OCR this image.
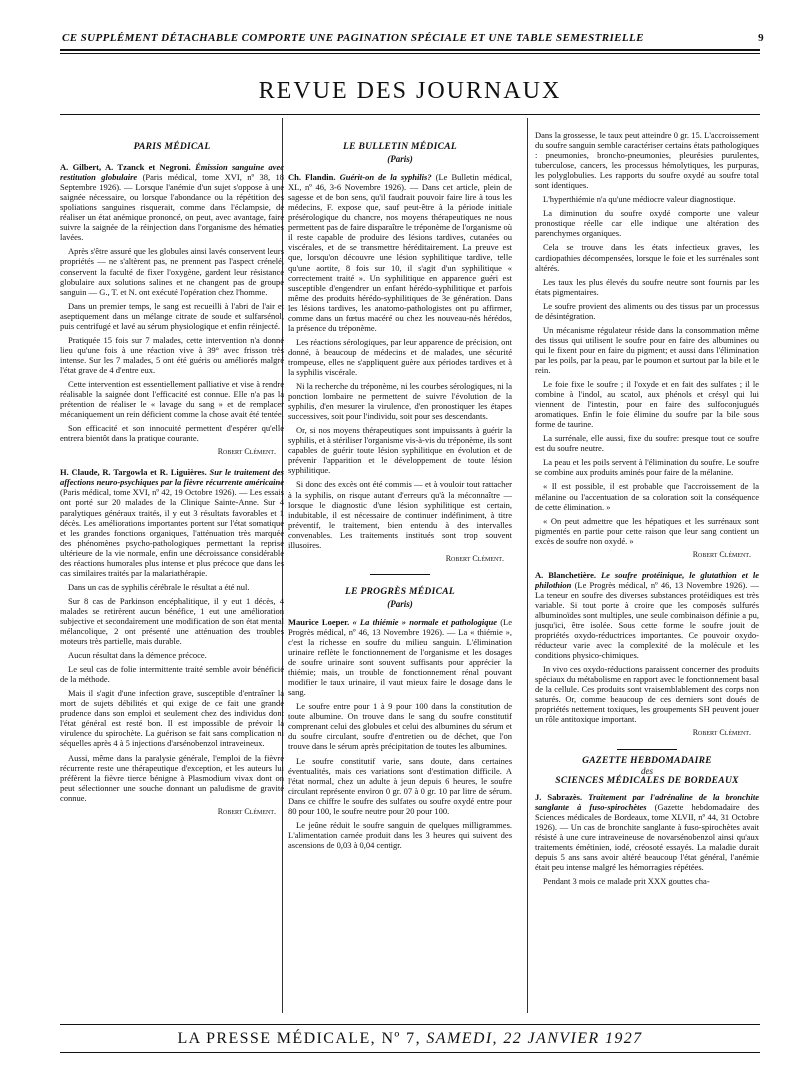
CE SUPPLÉMENT DÉTACHABLE COMPORTE UNE PAGINATION SPÉCIALE ET UNE TABLE SEMESTRIELLE	9
REVUE DES JOURNAUX
PARIS MÉDICAL

A. Gilbert, A. Tzanck et Negroni. Émission sanguine avec restitution globulaire (Paris médical, tome XVI, nº 38, 18 Septembre 1926). — Lorsque l'anémie d'un sujet s'oppose à une saignée nécessaire, ou lorsque l'abondance ou la répétition des spoliations sanguines risquerait, comme dans l'éclampsie, de réaliser un état anémique prononcé, on peut, avec avantage, faire suivre la saignée de la réinjection dans l'organisme des hématies lavées.

Après s'être assuré que les globules ainsi lavés conservent leurs propriétés — ne s'altèrent pas, ne prennent pas l'aspect crénelé, conservent la faculté de fixer l'oxygène, gardent leur résistance globulaire aux solutions salines et ne changent pas de groupe sanguin — G., T. et N. ont exécuté l'opération chez l'homme.

Dans un premier temps, le sang est recueilli à l'abri de l'air et aseptiquement dans un mélange citrate de soude et sulfarsénol, puis centrifugé et lavé au sérum physiologique et enfin réinjecté.

Pratiquée 15 fois sur 7 malades, cette intervention n'a donné lieu qu'une fois à une réaction vive à 39° avec frisson très intense. Sur les 7 malades, 5 ont été guéris ou améliorés malgré l'état grave de 4 d'entre eux.

Cette intervention est essentiellement palliative et vise à rendre réalisable la saignée dont l'efficacité est connue. Elle n'a pas la prétention de réaliser le « lavage du sang » et de remplacer mécaniquement un rein déficient comme la chose avait été tentée.

Son efficacité et son innocuité permettent d'espérer qu'elle entrera bientôt dans la pratique courante.

Robert Clément.

H. Claude, R. Targowla et R. Liguières. Sur le traitement des affections neuro-psychiques par la fièvre récurrente américaine (Paris médical, tome XVI, nº 42, 19 Octobre 1926). — Les essais ont porté sur 20 malades de la Clinique Sainte-Anne. Sur 4 paralytiques généraux traités, il y eut 3 résultats favorables et 1 décès. Les améliorations importantes portent sur l'état somatique et les grandes fonctions organiques, l'atténuation très marquée des phénomènes psycho-pathologiques permettant la reprise ultérieure de la vie normale, enfin une décroissance considérable des réactions humorales plus intense et plus précoce que dans les cas similaires traités par la malariathérapie.

Dans un cas de syphilis cérébrale le résultat a été nul.

Sur 8 cas de Parkinson encéphalitique, il y eut 1 décès, 4 malades se retirèrent aucun bénéfice, 1 eut une amélioration subjective et secondairement une modification de son état mental mélancolique, 2 ont présenté une atténuation des troubles moteurs très partielle, mais durable.

Aucun résultat dans la démence précoce.

Le seul cas de folie intermittente traité semble avoir bénéficié de la méthode.

Mais il s'agit d'une infection grave, susceptible d'entraîner la mort de sujets débilités et qui exige de ce fait une grande prudence dans son emploi et seulement chez des individus dont l'état général est resté bon. Il est impossible de prévoir la virulence du spirochète. La guérison se fait sans complication ni séquelles après 4 à 5 injections d'arsénobenzol intraveineux.

Aussi, même dans la paralysie générale, l'emploi de la fièvre récurrente reste une thérapeutique d'exception, et les auteurs lui préfèrent la fièvre tierce bénigne à Plasmodium vivax dont on peut sélectionner une souche donnant un paludisme de gravité connue.

Robert Clément.
LE BULLETIN MÉDICAL
(Paris)

Ch. Flandin. Guérit-on de la syphilis? (Le Bulletin médical, XL, nº 46, 3-6 Novembre 1926). — Dans cet article, plein de sagesse et de bon sens, qu'il faudrait pouvoir faire lire à tous les médecins, F. expose que, sauf peut-être à la période initiale présérologique du chancre, nos moyens thérapeutiques ne nous permettent pas de faire disparaître le tréponème de l'organisme où il reste capable de produire des lésions tardives, cutanées ou viscérales, et de se transmettre héréditairement. La preuve est que, lorsqu'on découvre une lésion syphilitique tardive, telle qu'une aortite, 8 fois sur 10, il s'agit d'un syphilitique « correctement traité ». Un syphilitique en apparence guéri est susceptible d'engendrer un enfant hérédo-syphilitique et parfois même des produits hérédo-syphilitiques de 3e génération. Dans les lésions tardives, les anatomo-pathologistes ont pu affirmer, comme dans un fœtus macéré ou chez les nouveau-nés hérédos, la présence du tréponème.

Les réactions sérologiques, par leur apparence de précision, ont donné, à beaucoup de médecins et de malades, une sécurité trompeuse, elles ne s'appliquent guère aux périodes tardives et à la syphilis viscérale.

Ni la recherche du tréponème, ni les courbes sérologiques, ni la ponction lombaire ne permettent de suivre l'évolution de la syphilis, d'en mesurer la virulence, d'en pronostiquer les étapes successives, soit pour l'individu, soit pour ses descendants.

Or, si nos moyens thérapeutiques sont impuissants à guérir la syphilis, et à stériliser l'organisme vis-à-vis du tréponème, ils sont capables de guérir toute lésion syphilitique en évolution et de prévenir l'apparition et le développement de toute lésion syphilitique.

Si donc des excès ont été commis — et à vouloir tout rattacher à la syphilis, on risque autant d'erreurs qu'à la méconnaître — lorsque le diagnostic d'une lésion syphilitique est certain, indubitable, il est nécessaire de continuer indéfiniment, à titre préventif, le traitement, bien entendu à des intervalles convenables. Les traitements institués sont trop souvent illusoires.

Robert Clément.
LE PROGRÈS MÉDICAL
(Paris)

Maurice Loeper. « La thiémie » normale et pathologique (Le Progrès médical, nº 46, 13 Novembre 1926). — La « thiémie », c'est la richesse en soufre du milieu sanguin. L'élimination urinaire reflète le fonctionnement de l'organisme et les dosages de soufre urinaire sont souvent suffisants pour apprécier la thiémie; mais, un trouble de fonctionnement rénal pouvant modifier le taux urinaire, il vaut mieux faire le dosage dans le sang.

Le soufre entre pour 1 à 9 pour 100 dans la constitution de toute albumine. On trouve dans le sang du soufre constitutif comprenant celui des globules et celui des albumines du sérum et du soufre circulant, soufre d'entretien ou de déchet, que l'on trouve dans le sérum après précipitation de toutes les albumines.

Le soufre constitutif varie, sans doute, dans certaines éventualités, mais ces variations sont d'estimation difficile. A l'état normal, chez un adulte à jeun depuis 6 heures, le soufre circulant représente environ 0 gr. 07 à 0 gr. 10 par litre de sérum. Dans ce chiffre le soufre des sulfates ou soufre oxydé entre pour 80 pour 100, le soufre neutre pour 20 pour 100.

Le jeûne réduit le soufre sanguin de quelques milligrammes. L'alimentation carnée produit dans les 3 heures qui suivent des ascensions de 0,03 à 0,04 centigr.

Dans la grossesse, le taux peut atteindre 0 gr. 15. L'accroissement du soufre sanguin semble caractériser certains états pathologiques : pneumonies, broncho-pneumonies, pleurésies purulentes, tuberculose, cancers, les processus hémolytiques, les purpuras, les polyglobulies. Les rapports du soufre oxydé au soufre total sont identiques.

L'hyperthiémie n'a qu'une médiocre valeur diagnostique.

La diminution du soufre oxydé comporte une valeur pronostique réelle car elle indique une altération des parenchymes organiques.

Cela se trouve dans les états infectieux graves, les cardiopathies décompensées, lorsque le foie et les surrénales sont altérés.

Les taux les plus élevés du soufre neutre sont fournis par les états pigmentaires.

Le soufre provient des aliments ou des tissus par un processus de désintégration.

Un mécanisme régulateur réside dans la consommation même des tissus qui utilisent le soufre pour en faire des albumines ou qui le fixent pour en faire du pigment; et aussi dans l'élimination par les poils, par la peau, par le poumon et surtout par la bile et le rein.

Le foie fixe le soufre ; il l'oxyde et en fait des sulfates ; il le combine à l'indol, au scatol, aux phénols et crésyl qui lui viennent de l'intestin, pour en faire des sulfoconjugués aromatiques. Enfin le foie élimine du soufre par la bile sous forme de taurine.

La surrénale, elle aussi, fixe du soufre: presque tout ce soufre est du soufre neutre.

La peau et les poils servent à l'élimination du soufre. Le soufre se combine aux produits aminés pour faire de la mélanine.

« Il est possible, il est probable que l'accroissement de la mélanine ou l'accentuation de sa coloration soit la conséquence de cette élimination. »

« On peut admettre que les hépatiques et les surrénaux sont pigmentés en partie pour cette raison que leur sang contient un excès de soufre non oxydé. »

Robert Clément.

A. Blanchetière. Le soufre protéinique, le glutathion et le philothion (Le Progrès médical, nº 46, 13 Novembre 1926). — La teneur en soufre des diverses substances protéidiques est très variable. Si tout porte à croire que les composés sulfurés albuminoïdes sont multiples, une seule combinaison définie a pu, jusqu'ici, être isolée. Sous cette forme le soufre jouit de propriétés oxydo-réductrices importantes. Ce pouvoir oxydo-réducteur varie avec la complexité de la molécule et les conditions physico-chimiques.

In vivo ces oxydo-réductions paraissent concerner des produits spéciaux du métabolisme en rapport avec le fonctionnement basal de la cellule. Ces produits sont vraisemblablement des corps non saturés. Or, comme beaucoup de ces derniers sont doués de propriétés nettement toxiques, les groupements SH peuvent jouer un rôle antitoxique important.

Robert Clément.
GAZETTE HEBDOMADAIRE
des
SCIENCES MÉDICALES DE BORDEAUX

J. Sabrazès. Traitement par l'adrénaline de la bronchite sanglante à fuso-spirochètes (Gazette hebdomadaire des Sciences médicales de Bordeaux, tome XLVII, nº 44, 31 Octobre 1926). — Un cas de bronchite sanglante à fuso-spirochètes avait résisté à une cure intraveineuse de novarsénobenzol ainsi qu'aux traitements émétinien, iodé, créosoté essayés. La maladie durait depuis 5 ans sans avoir altéré beaucoup l'état général, l'anémie était peu intense malgré les hémorragies répétées.

Pendant 3 mois ce malade prit XXX gouttes cha-

LA PRESSE MÉDICALE, Nº 7, SAMEDI, 22 JANVIER 1927
